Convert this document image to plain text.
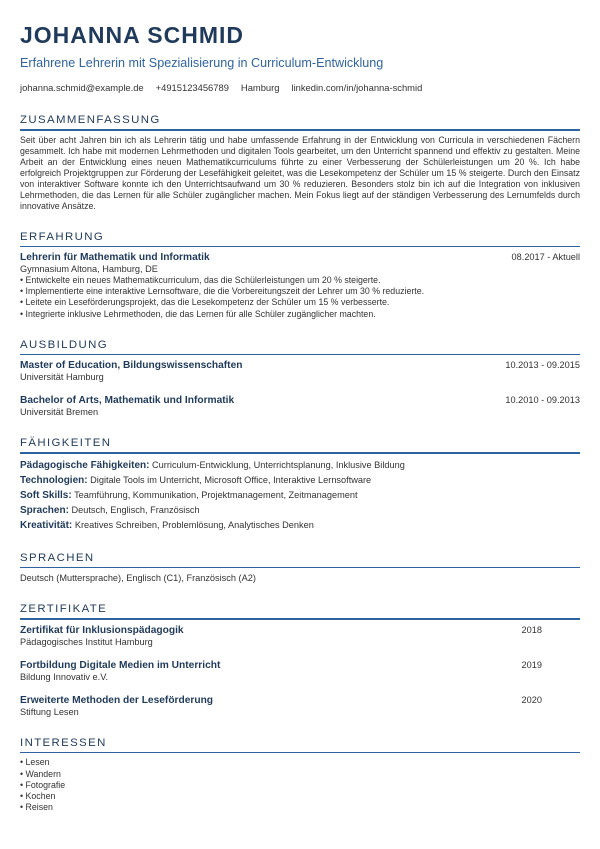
JOHANNA SCHMID
Erfahrene Lehrerin mit Spezialisierung in Curriculum-Entwicklung
johanna.schmid@example.de +4915123456789 Hamburg linkedin.com/in/johanna-schmid
ZUSAMMENFASSUNG
Seit über acht Jahren bin ich als Lehrerin tätig und habe umfassende Erfahrung in der Entwicklung von Curricula in verschiedenen Fächern gesammelt. Ich habe mit modernen Lehrmethoden und digitalen Tools gearbeitet, um den Unterricht spannend und effektiv zu gestalten. Meine Arbeit an der Entwicklung eines neuen Mathematikcurriculums führte zu einer Verbesserung der Schülerleistungen um 20 %. Ich habe erfolgreich Projektgruppen zur Förderung der Lesefähigkeit geleitet, was die Lesekompetenz der Schüler um 15 % steigerte. Durch den Einsatz von interaktiver Software konnte ich den Unterrichtsaufwand um 30 % reduzieren. Besonders stolz bin ich auf die Integration von inklusiven Lehrmethoden, die das Lernen für alle Schüler zugänglicher machen. Mein Fokus liegt auf der ständigen Verbesserung des Lernumfelds durch innovative Ansätze.
ERFAHRUNG
Lehrerin für Mathematik und Informatik	08.2017 - Aktuell
Gymnasium Altona, Hamburg, DE
• Entwickelte ein neues Mathematikcurriculum, das die Schülerleistungen um 20 % steigerte.
• Implementierte eine interaktive Lernsoftware, die die Vorbereitungszeit der Lehrer um 30 % reduzierte.
• Leitete ein Leseförderungsprojekt, das die Lesekompetenz der Schüler um 15 % verbesserte.
• Integrierte inklusive Lehrmethoden, die das Lernen für alle Schüler zugänglicher machten.
AUSBILDUNG
Master of Education, Bildungswissenschaften	10.2013 - 09.2015
Universität Hamburg
Bachelor of Arts, Mathematik und Informatik	10.2010 - 09.2013
Universität Bremen
FÄHIGKEITEN
Pädagogische Fähigkeiten: Curriculum-Entwicklung, Unterrichtsplanung, Inklusive Bildung
Technologien: Digitale Tools im Unterricht, Microsoft Office, Interaktive Lernsoftware
Soft Skills: Teamführung, Kommunikation, Projektmanagement, Zeitmanagement
Sprachen: Deutsch, Englisch, Französisch
Kreativität: Kreatives Schreiben, Problemlösung, Analytisches Denken
SPRACHEN
Deutsch (Muttersprache), Englisch (C1), Französisch (A2)
ZERTIFIKATE
Zertifikat für Inklusionspädagogik	2018
Pädagogisches Institut Hamburg
Fortbildung Digitale Medien im Unterricht	2019
Bildung Innovativ e.V.
Erweiterte Methoden der Leseförderung	2020
Stiftung Lesen
INTERESSEN
• Lesen
• Wandern
• Fotografie
• Kochen
• Reisen
